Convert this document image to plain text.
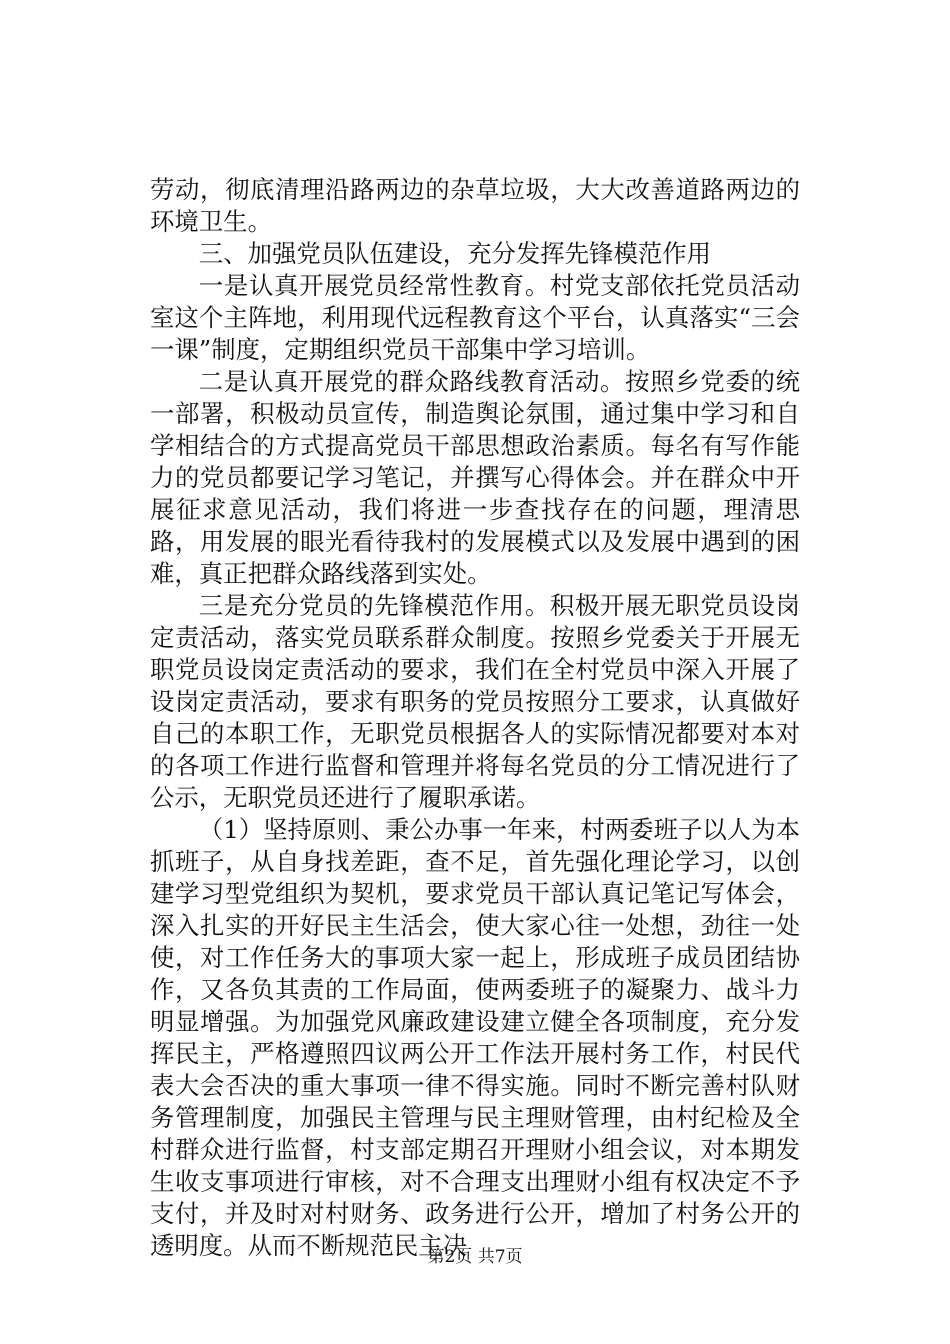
劳动，彻底清理沿路两边的杂草垃圾，大大改善道路两边的环境卫生。

三、加强党员队伍建设，充分发挥先锋模范作用

一是认真开展党员经常性教育。村党支部依托党员活动室这个主阵地，利用现代远程教育这个平台，认真落实“三会一课”制度，定期组织党员干部集中学习培训。

二是认真开展党的群众路线教育活动。按照乡党委的统一部署，积极动员宣传，制造舆论氛围，通过集中学习和自学相结合的方式提高党员干部思想政治素质。每名有写作能力的党员都要记学习笔记，并撰写心得体会。并在群众中开展征求意见活动，我们将进一步查找存在的问题，理清思路，用发展的眼光看待我村的发展模式以及发展中遇到的困难，真正把群众路线落到实处。

三是充分党员的先锋模范作用。积极开展无职党员设岗定责活动，落实党员联系群众制度。按照乡党委关于开展无职党员设岗定责活动的要求，我们在全村党员中深入开展了设岗定责活动，要求有职务的党员按照分工要求，认真做好自己的本职工作，无职党员根据各人的实际情况都要对本对的各项工作进行监督和管理并将每名党员的分工情况进行了公示，无职党员还进行了履职承诺。

（1）坚持原则、秉公办事一年来，村两委班子以人为本抓班子，从自身找差距，查不足，首先强化理论学习，以创建学习型党组织为契机，要求党员干部认真记笔记写体会，深入扎实的开好民主生活会，使大家心往一处想，劲往一处使，对工作任务大的事项大家一起上，形成班子成员团结协作，又各负其责的工作局面，使两委班子的凝聚力、战斗力明显增强。为加强党风廉政建设建立健全各项制度，充分发挥民主，严格遵照四议两公开工作法开展村务工作，村民代表大会否决的重大事项一律不得实施。同时不断完善村队财务管理制度，加强民主管理与民主理财管理，由村纪检及全村群众进行监督，村支部定期召开理财小组会议，对本期发生收支事项进行审核，对不合理支出理财小组有权决定不予支付，并及时对村财务、政务进行公开，增加了村务公开的透明度。从而不断规范民主决

第2页 共7页
